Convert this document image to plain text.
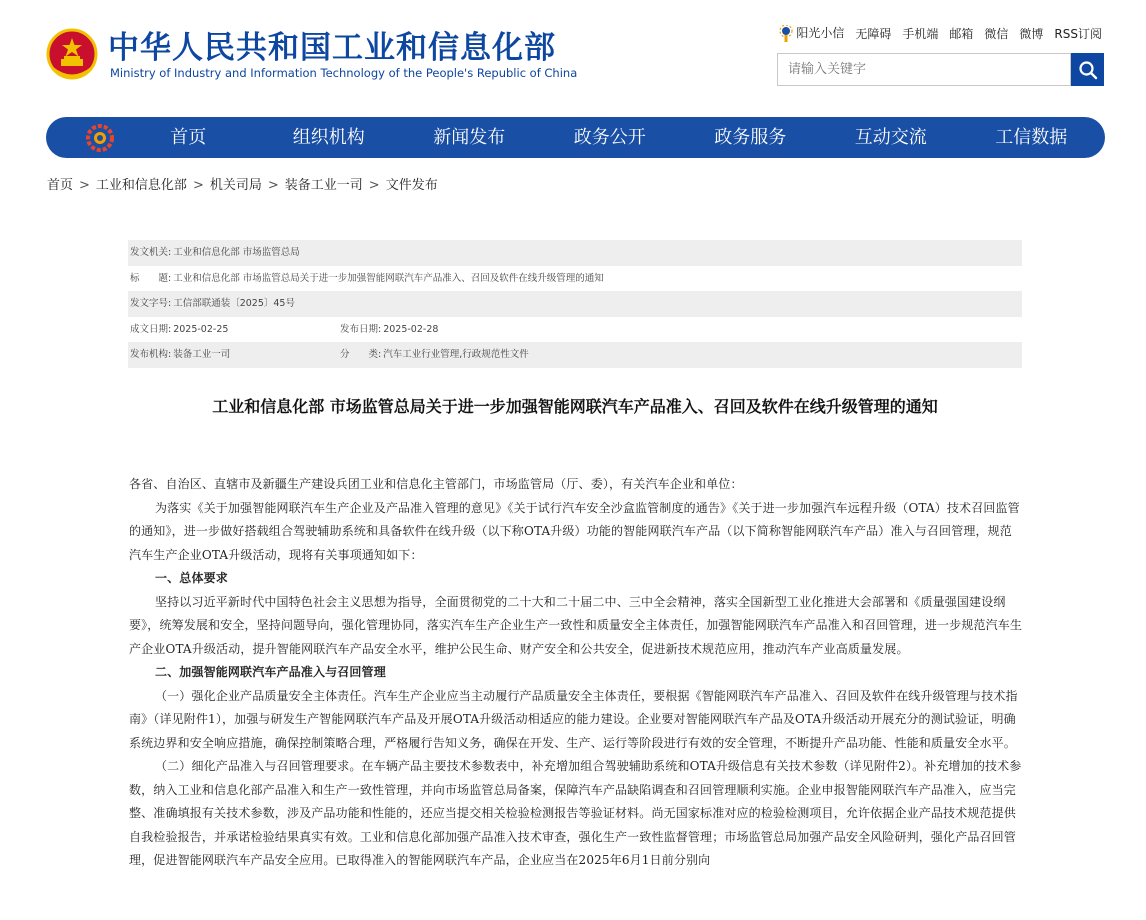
中华人民共和国工业和信息化部
Ministry of Industry and Information Technology of the People's Republic of China
阳光小信 无障碍 手机端 邮箱 微信 微博 RSS订阅
请输入关键字
首页	组织机构	新闻发布	政务公开	政务服务	互动交流	工信数据
首页 > 工业和信息化部 > 机关司局 > 装备工业一司 > 文件发布
发文机关: 工业和信息化部 市场监管总局
标　　题: 工业和信息化部 市场监管总局关于进一步加强智能网联汽车产品准入、召回及软件在线升级管理的通知
发文字号: 工信部联通装〔2025〕45号
成文日期: 2025-02-25	发布日期: 2025-02-28
发布机构: 装备工业一司	分　　类: 汽车工业行业管理,行政规范性文件
工业和信息化部 市场监管总局关于进一步加强智能网联汽车产品准入、召回及软件在线升级管理的通知

各省、自治区、直辖市及新疆生产建设兵团工业和信息化主管部门，市场监管局（厅、委），有关汽车企业和单位：

为落实《关于加强智能网联汽车生产企业及产品准入管理的意见》《关于试行汽车安全沙盒监管制度的通告》《关于进一步加强汽车远程升级（OTA）技术召回监管的通知》，进一步做好搭载组合驾驶辅助系统和具备软件在线升级（以下称OTA升级）功能的智能网联汽车产品（以下简称智能网联汽车产品）准入与召回管理，规范汽车生产企业OTA升级活动，现将有关事项通知如下：

一、总体要求

坚持以习近平新时代中国特色社会主义思想为指导，全面贯彻党的二十大和二十届二中、三中全会精神，落实全国新型工业化推进大会部署和《质量强国建设纲要》，统筹发展和安全，坚持问题导向，强化管理协同，落实汽车生产企业生产一致性和质量安全主体责任，加强智能网联汽车产品准入和召回管理，进一步规范汽车生产企业OTA升级活动，提升智能网联汽车产品安全水平，维护公民生命、财产安全和公共安全，促进新技术规范应用，推动汽车产业高质量发展。

二、加强智能网联汽车产品准入与召回管理

（一）强化企业产品质量安全主体责任。汽车生产企业应当主动履行产品质量安全主体责任，要根据《智能网联汽车产品准入、召回及软件在线升级管理与技术指南》（详见附件1），加强与研发生产智能网联汽车产品及开展OTA升级活动相适应的能力建设。企业要对智能网联汽车产品及OTA升级活动开展充分的测试验证，明确系统边界和安全响应措施，确保控制策略合理，严格履行告知义务，确保在开发、生产、运行等阶段进行有效的安全管理，不断提升产品功能、性能和质量安全水平。

（二）细化产品准入与召回管理要求。在车辆产品主要技术参数表中，补充增加组合驾驶辅助系统和OTA升级信息有关技术参数（详见附件2）。补充增加的技术参数，纳入工业和信息化部产品准入和生产一致性管理，并向市场监管总局备案，保障汽车产品缺陷调查和召回管理顺利实施。企业申报智能网联汽车产品准入，应当完整、准确填报有关技术参数，涉及产品功能和性能的，还应当提交相关检验检测报告等验证材料。尚无国家标准对应的检验检测项目，允许依据企业产品技术规范提供自我检验报告，并承诺检验结果真实有效。工业和信息化部加强产品准入技术审查，强化生产一致性监督管理；市场监管总局加强产品安全风险研判，强化产品召回管理，促进智能网联汽车产品安全应用。已取得准入的智能网联汽车产品，企业应当在2025年6月1日前分别向
